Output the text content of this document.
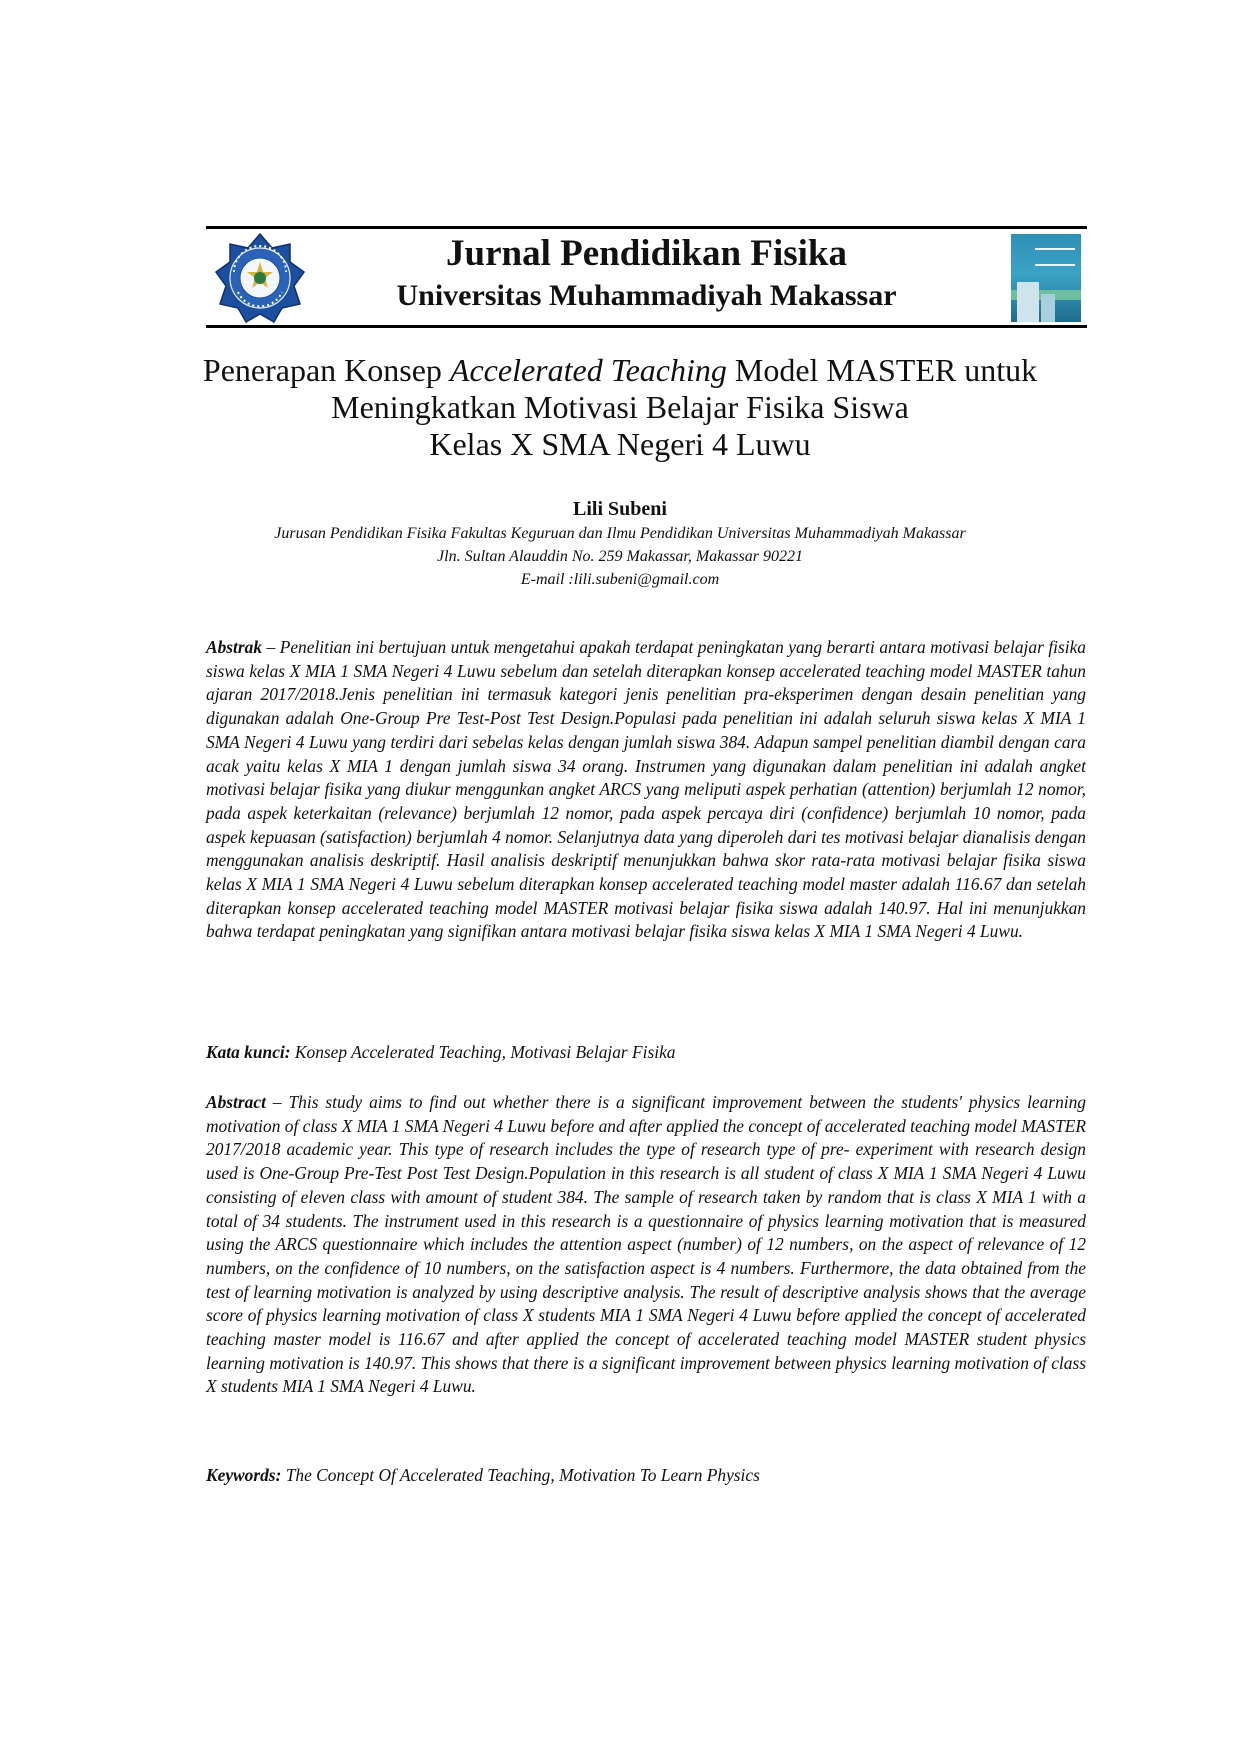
Jurnal Pendidikan Fisika
Universitas Muhammadiyah Makassar
Penerapan Konsep Accelerated Teaching Model MASTER untuk
Meningkatkan Motivasi Belajar Fisika Siswa
Kelas X SMA Negeri 4 Luwu
Lili Subeni
Jurusan Pendidikan Fisika Fakultas Keguruan dan Ilmu Pendidikan Universitas Muhammadiyah Makassar
Jln. Sultan Alauddin No. 259 Makassar, Makassar 90221
E-mail :lili.subeni@gmail.com
Abstrak – Penelitian ini bertujuan untuk mengetahui apakah terdapat peningkatan yang berarti antara motivasi belajar fisika siswa kelas X MIA 1 SMA Negeri 4 Luwu sebelum dan setelah diterapkan konsep accelerated teaching model MASTER tahun ajaran 2017/2018.Jenis penelitian ini termasuk kategori jenis penelitian pra-eksperimen dengan desain penelitian yang digunakan adalah One-Group Pre Test-Post Test Design.Populasi pada penelitian ini adalah seluruh siswa kelas X MIA 1 SMA Negeri 4 Luwu yang terdiri dari sebelas kelas dengan jumlah siswa 384. Adapun sampel penelitian diambil dengan cara acak yaitu kelas X MIA 1 dengan jumlah siswa 34 orang. Instrumen yang digunakan dalam penelitian ini adalah angket motivasi belajar fisika yang diukur menggunkan angket ARCS yang meliputi aspek perhatian (attention) berjumlah 12 nomor, pada aspek keterkaitan (relevance) berjumlah 12 nomor, pada aspek percaya diri (confidence) berjumlah 10 nomor, pada aspek kepuasan (satisfaction) berjumlah 4 nomor. Selanjutnya data yang diperoleh dari tes motivasi belajar dianalisis dengan menggunakan analisis deskriptif. Hasil analisis deskriptif menunjukkan bahwa skor rata-rata motivasi belajar fisika siswa kelas X MIA 1 SMA Negeri 4 Luwu sebelum diterapkan konsep accelerated teaching model master adalah 116.67 dan setelah diterapkan konsep accelerated teaching model MASTER motivasi belajar fisika siswa adalah 140.97. Hal ini menunjukkan bahwa terdapat peningkatan yang signifikan antara motivasi belajar fisika siswa kelas X MIA 1 SMA Negeri 4 Luwu.
Kata kunci: Konsep Accelerated Teaching, Motivasi Belajar Fisika
Abstract – This study aims to find out whether there is a significant improvement between the students' physics learning motivation of class X MIA 1 SMA Negeri 4 Luwu before and after applied the concept of accelerated teaching model MASTER 2017/2018 academic year. This type of research includes the type of research type of pre- experiment with research design used is One-Group Pre-Test Post Test Design.Population in this research is all student of class X MIA 1 SMA Negeri 4 Luwu consisting of eleven class with amount of student 384. The sample of research taken by random that is class X MIA 1 with a total of 34 students. The instrument used in this research is a questionnaire of physics learning motivation that is measured using the ARCS questionnaire which includes the attention aspect (number) of 12 numbers, on the aspect of relevance of 12 numbers, on the confidence of 10 numbers, on the satisfaction aspect is 4 numbers. Furthermore, the data obtained from the test of learning motivation is analyzed by using descriptive analysis. The result of descriptive analysis shows that the average score of physics learning motivation of class X students MIA 1 SMA Negeri 4 Luwu before applied the concept of accelerated teaching master model is 116.67 and after applied the concept of accelerated teaching model MASTER student physics learning motivation is 140.97. This shows that there is a significant improvement between physics learning motivation of class X students MIA 1 SMA Negeri 4 Luwu.
Keywords: The Concept Of Accelerated Teaching, Motivation To Learn Physics
